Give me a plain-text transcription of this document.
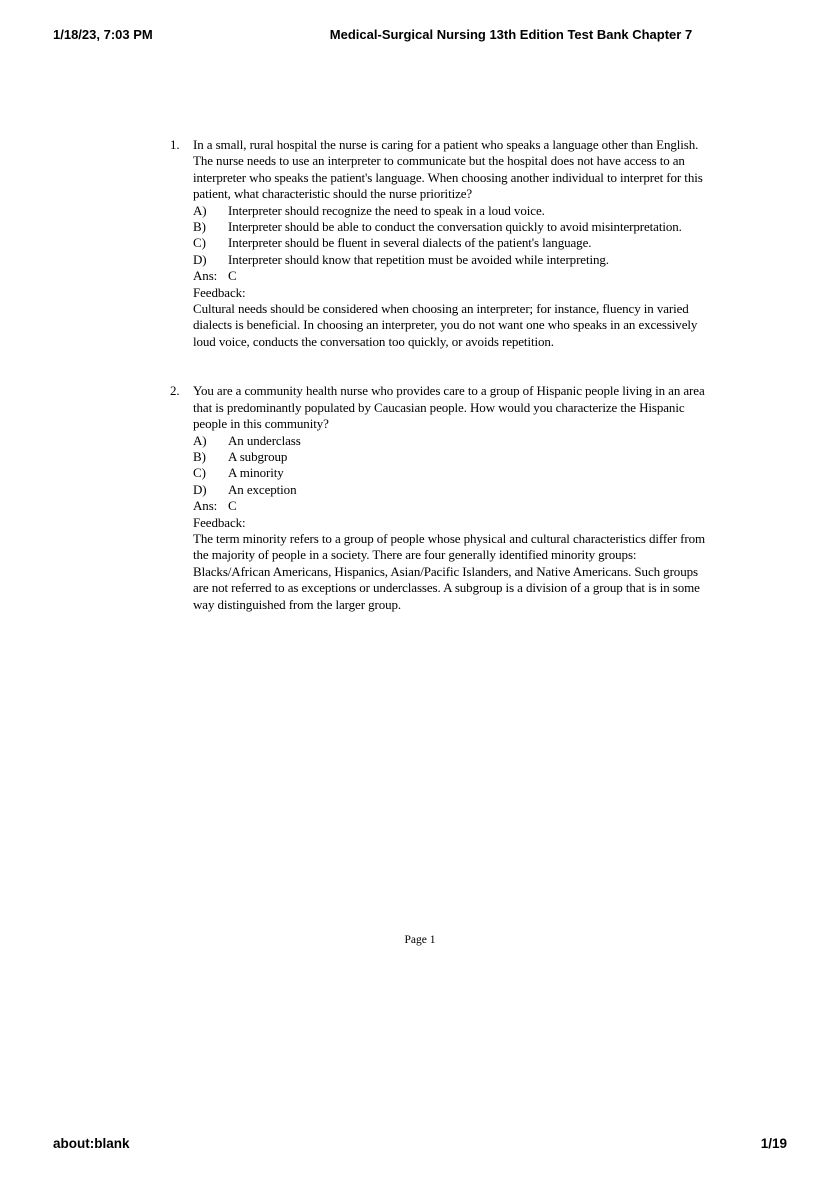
1/18/23, 7:03 PM	Medical-Surgical Nursing 13th Edition Test Bank Chapter 7
1.	In a small, rural hospital the nurse is caring for a patient who speaks a language other than English. The nurse needs to use an interpreter to communicate but the hospital does not have access to an interpreter who speaks the patient's language. When choosing another individual to interpret for this patient, what characteristic should the nurse prioritize?
A)	Interpreter should recognize the need to speak in a loud voice.
B)	Interpreter should be able to conduct the conversation quickly to avoid misinterpretation.
C)	Interpreter should be fluent in several dialects of the patient's language.
D)	Interpreter should know that repetition must be avoided while interpreting.
Ans: C
Feedback:
Cultural needs should be considered when choosing an interpreter; for instance, fluency in varied dialects is beneficial. In choosing an interpreter, you do not want one who speaks in an excessively loud voice, conducts the conversation too quickly, or avoids repetition.
2.	You are a community health nurse who provides care to a group of Hispanic people living in an area that is predominantly populated by Caucasian people. How would you characterize the Hispanic people in this community?
A)	An underclass
B)	A subgroup
C)	A minority
D)	An exception
Ans: C
Feedback:
The term minority refers to a group of people whose physical and cultural characteristics differ from the majority of people in a society. There are four generally identified minority groups: Blacks/African Americans, Hispanics, Asian/Pacific Islanders, and Native Americans. Such groups are not referred to as exceptions or underclasses. A subgroup is a division of a group that is in some way distinguished from the larger group.
Page 1
about:blank	1/19
